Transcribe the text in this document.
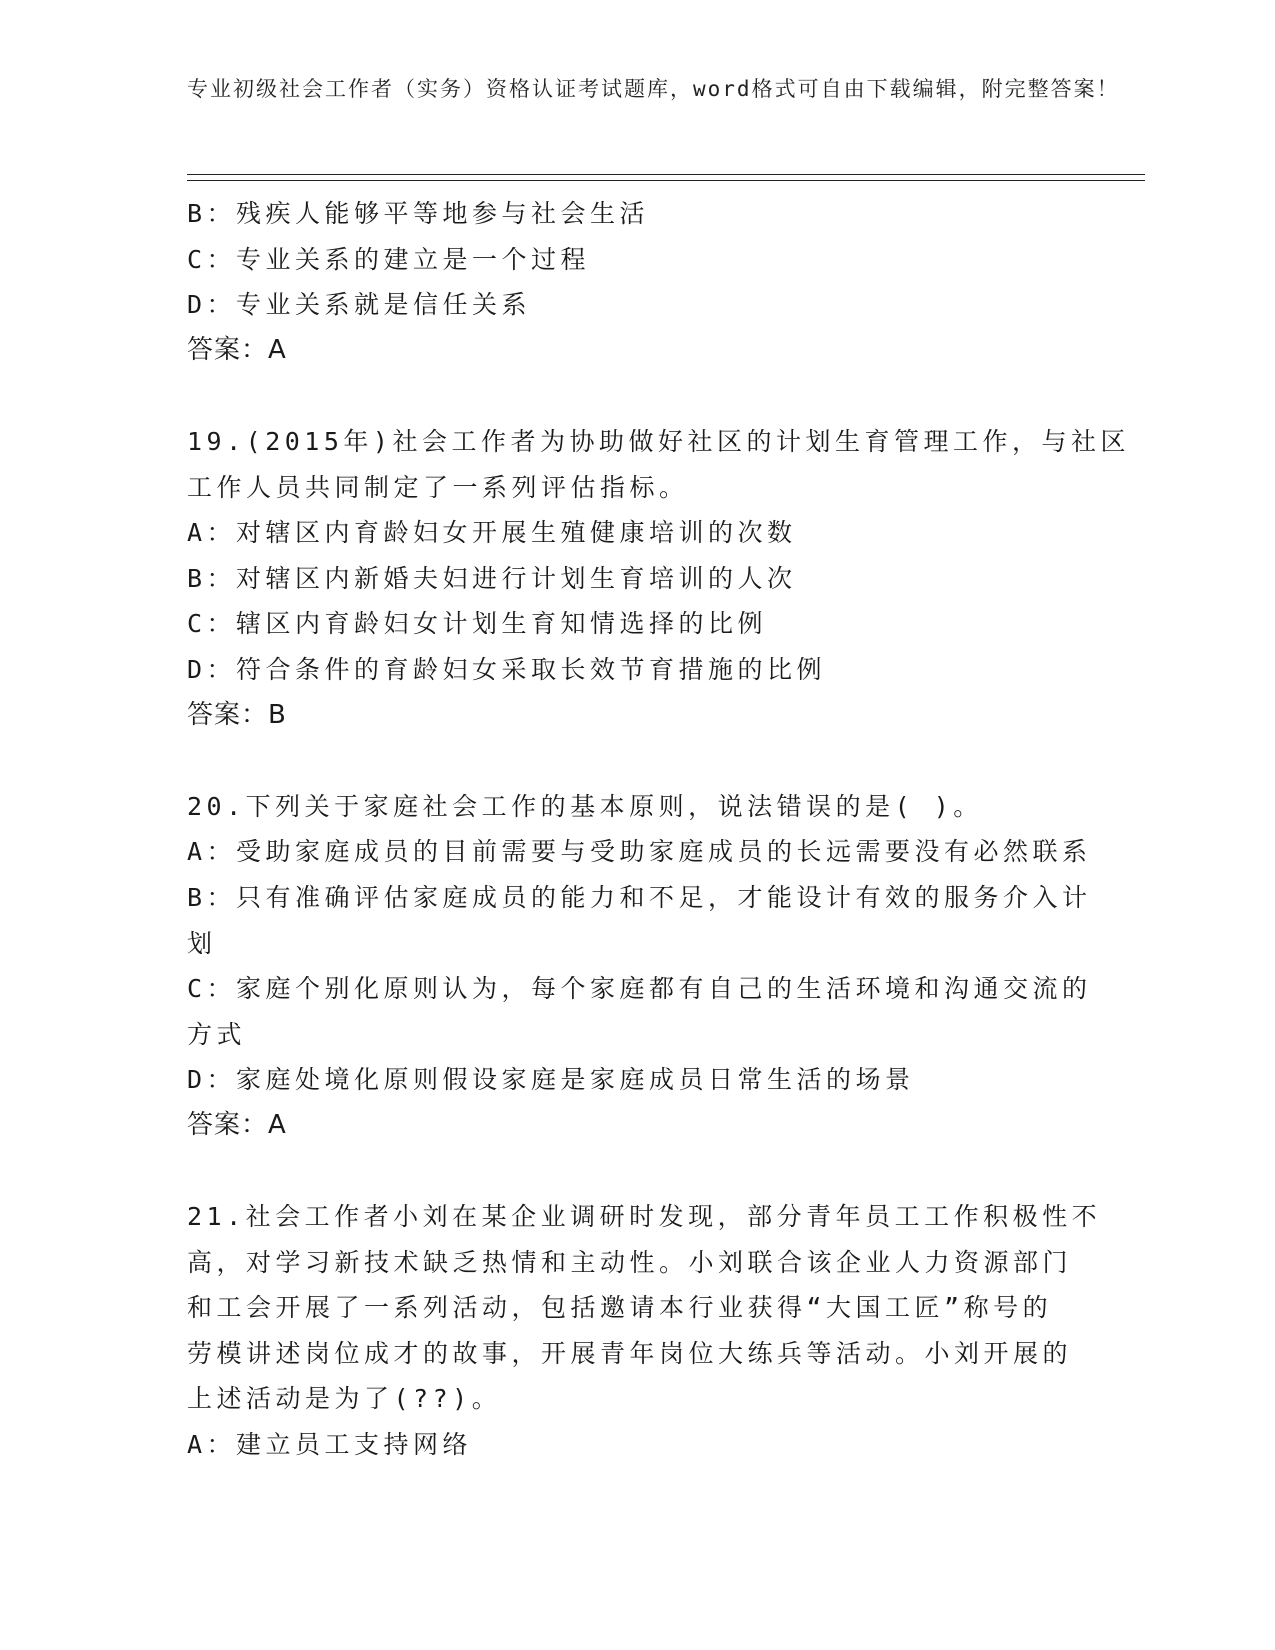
专业初级社会工作者（实务）资格认证考试题库，word格式可自由下载编辑，附完整答案！
B：残疾人能够平等地参与社会生活
C：专业关系的建立是一个过程
D：专业关系就是信任关系
答案：A
19.(2015年)社会工作者为协助做好社区的计划生育管理工作，与社区
工作人员共同制定了一系列评估指标。
A：对辖区内育龄妇女开展生殖健康培训的次数
B：对辖区内新婚夫妇进行计划生育培训的人次
C：辖区内育龄妇女计划生育知情选择的比例
D：符合条件的育龄妇女采取长效节育措施的比例
答案：B
20.下列关于家庭社会工作的基本原则，说法错误的是( )。
A：受助家庭成员的目前需要与受助家庭成员的长远需要没有必然联系
B：只有准确评估家庭成员的能力和不足，才能设计有效的服务介入计
划
C：家庭个别化原则认为，每个家庭都有自己的生活环境和沟通交流的
方式
D：家庭处境化原则假设家庭是家庭成员日常生活的场景
答案：A
21.社会工作者小刘在某企业调研时发现，部分青年员工工作积极性不
高，对学习新技术缺乏热情和主动性。小刘联合该企业人力资源部门
和工会开展了一系列活动，包括邀请本行业获得“大国工匠”称号的
劳模讲述岗位成才的故事，开展青年岗位大练兵等活动。小刘开展的
上述活动是为了(??)。
A：建立员工支持网络
